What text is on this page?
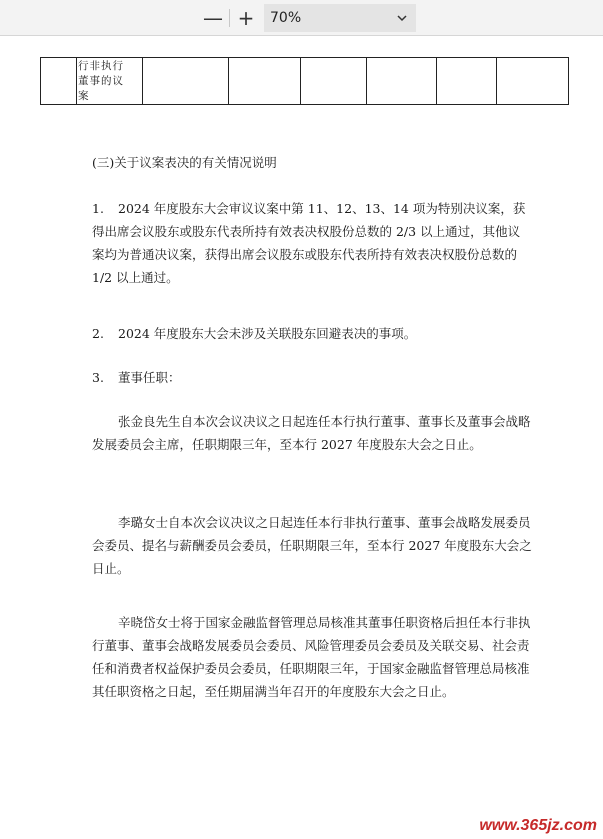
— + 70%

行非执行
董事的议
案

(三)关于议案表决的有关情况说明

1. 2024 年度股东大会审议议案中第 11、12、13、14 项为特别决议案，获得出席会议股东或股东代表所持有效表决权股份总数的 2/3 以上通过，其他议案均为普通决议案，获得出席会议股东或股东代表所持有效表决权股份总数的 1/2 以上通过。

2. 2024 年度股东大会未涉及关联股东回避表决的事项。

3. 董事任职：

张金良先生自本次会议决议之日起连任本行执行董事、董事长及董事会战略发展委员会主席，任职期限三年，至本行 2027 年度股东大会之日止。

李璐女士自本次会议决议之日起连任本行非执行董事、董事会战略发展委员会委员、提名与薪酬委员会委员，任职期限三年，至本行 2027 年度股东大会之日止。

辛晓岱女士将于国家金融监督管理总局核准其董事任职资格后担任本行非执行董事、董事会战略发展委员会委员、风险管理委员会委员及关联交易、社会责任和消费者权益保护委员会委员，任职期限三年，于国家金融监督管理总局核准其任职资格之日起，至任期届满当年召开的年度股东大会之日止。

www.365jz.com
